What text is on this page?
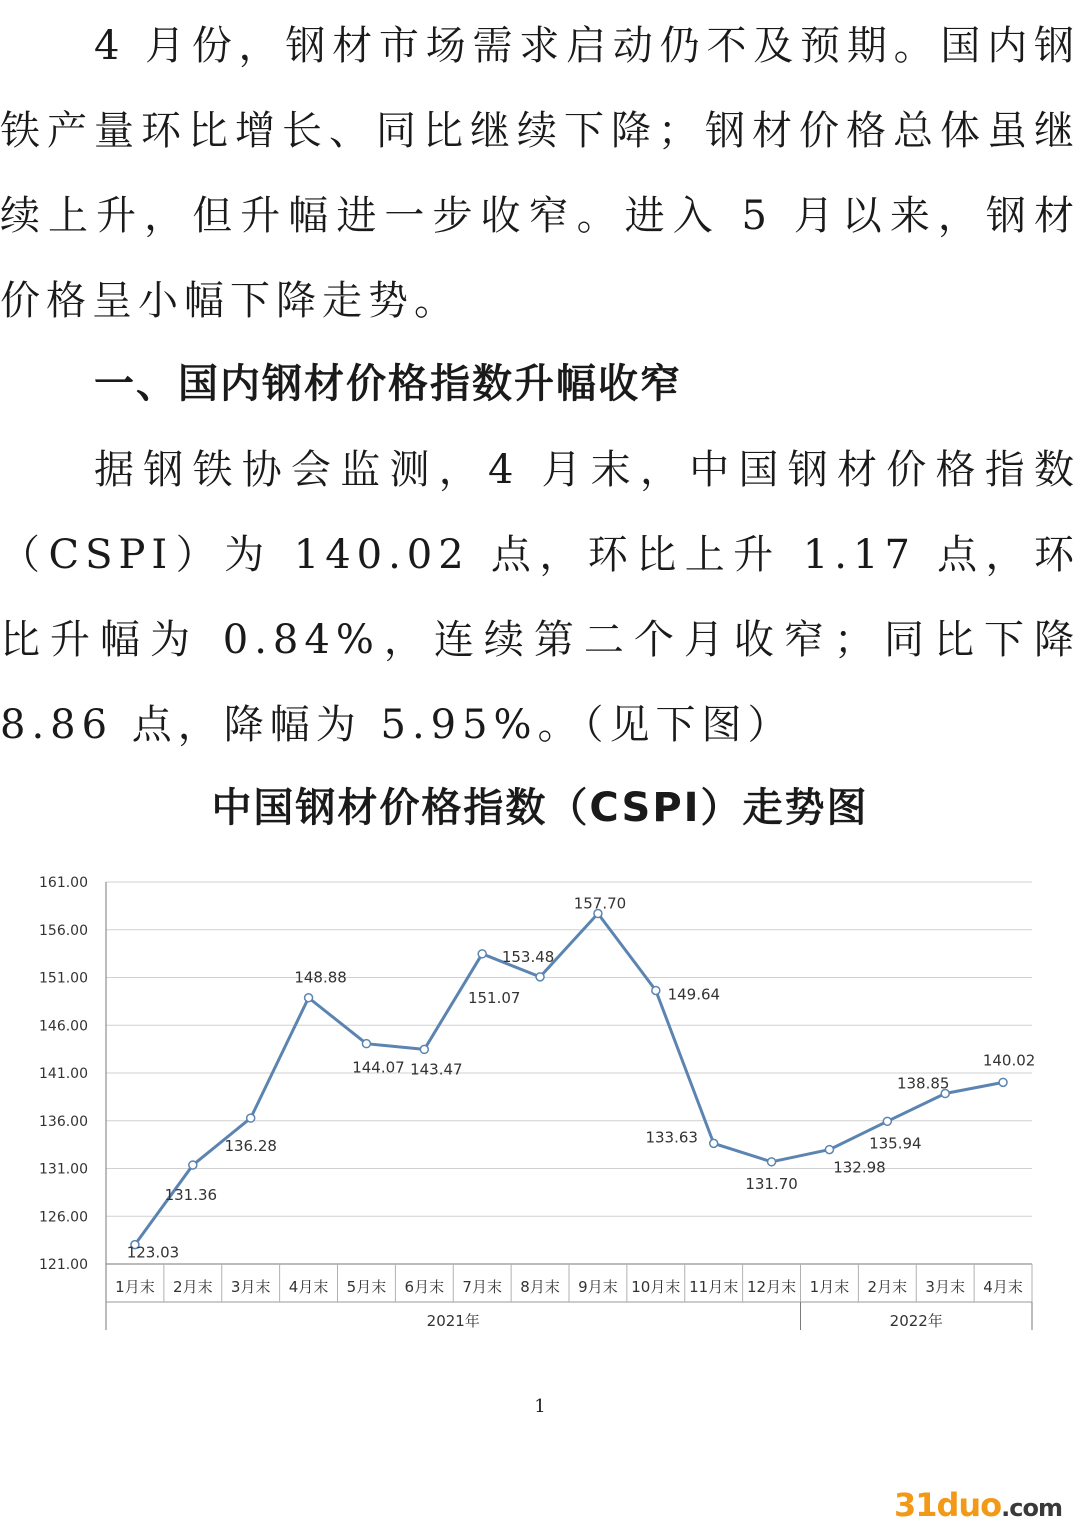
4 月份，钢材市场需求启动仍不及预期。国内钢铁产量环比增长、同比继续下降；钢材价格总体虽继续上升，但升幅进一步收窄。进入 5 月以来，钢材价格呈小幅下降走势。

一、国内钢材价格指数升幅收窄

据钢铁协会监测，4 月末，中国钢材价格指数（CSPI）为 140.02 点，环比上升 1.17 点，环比升幅为 0.84%，连续第二个月收窄；同比下降 8.86 点，降幅为 5.95%。（见下图）

中国钢材价格指数（CSPI）走势图
121.00
126.00
131.00
136.00
141.00
146.00
151.00
156.00
161.00
1月末 2月末 3月末 4月末 5月末 6月末 7月末 8月末 9月末 10月末 11月末 12月末 1月末 2月末 3月末 4月末
2021年	2022年
123.03
131.36
136.28
148.88
144.07 143.47
151.07
153.48
157.70
149.64
133.63
131.70
132.98
135.94
138.85
140.02
1
31duo.com
